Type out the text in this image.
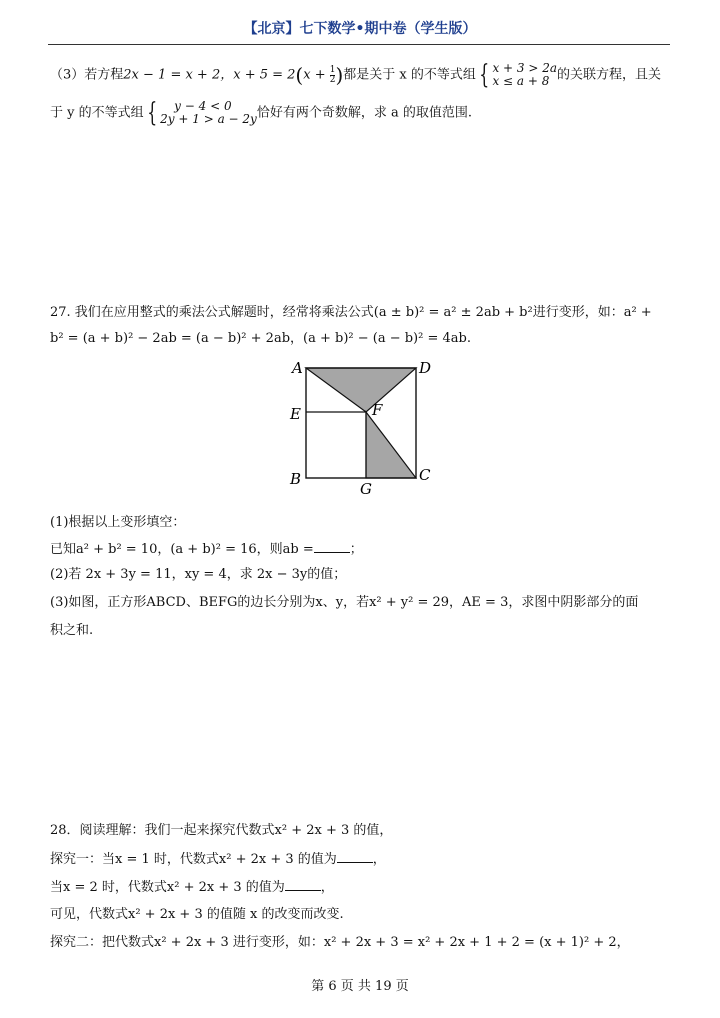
【北京】七下数学•期中卷（学生版）
（3）若方程2x − 1 = x + 2，$x + 5 = 2(x + \frac{1}{2}$ )都是关于 x 的不等式组 { x + 3 > 2a
x ≤ a + 8 的关联方程，且关
于 y 的不等式组 {	y − 4 < 0
2y + 1 > a − 2y 恰好有两个奇数解，求 a 的取值范围.
27. 我们在应用整式的乘法公式解题时，经常将乘法公式(a ± b)² = a² ± 2ab + b²进行变形，如：a² +
b² = (a + b)² − 2ab = (a − b)² + 2ab，(a + b)² − (a − b)² = 4ab.
A	D
E	F
B
G
C
(1)根据以上变形填空：
已知a² + b² = 10，(a + b)² = 16，则ab =	；
(2)若 2x + 3y = 11，xy = 4，求 2x − 3y的值；
(3)如图，正方形ABCD、BEFG的边长分别为x、y，若x² + y² = 29，AE = 3，求图中阴影部分的面
积之和.
28．阅读理解：我们一起来探究代数式x² + 2x + 3 的值，
探究一：当x = 1 时，代数式x² + 2x + 3 的值为	，
当x = 2 时，代数式x² + 2x + 3 的值为	，
可见，代数式x² + 2x + 3 的值随 x 的改变而改变.
探究二：把代数式x² + 2x + 3 进行变形，如：x² + 2x + 3 = x² + 2x + 1 + 2 = (x + 1)² + 2，
第 6 页 共 19 页
